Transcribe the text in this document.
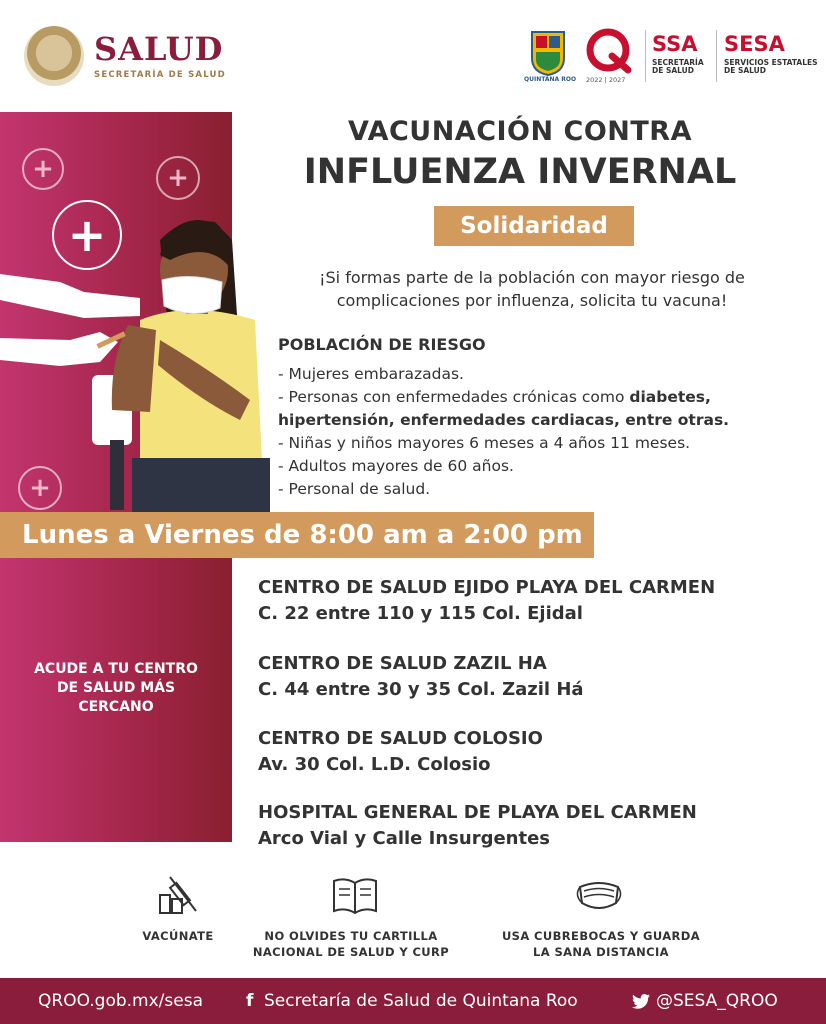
SALUD
SECRETARÍA DE SALUD	QUINTANA ROO 2022 | 2027
SSA
SECRETARÍA
DE SALUD
SESA
SERVICIOS ESTATALES
DE SALUD
+	+
+
+
ACUDE A TU CENTRO
DE SALUD MÁS
CERCANO
VACUNACIÓN CONTRA
INFLUENZA INVERNAL
Solidaridad
¡Si formas parte de la población con mayor riesgo de
complicaciones por influenza, solicita tu vacuna!
POBLACIÓN DE RIESGO
- Mujeres embarazadas.
- Personas con enfermedades crónicas como diabetes,
hipertensión, enfermedades cardiacas, entre otras.
- Niñas y niños mayores 6 meses a 4 años 11 meses.
- Adultos mayores de 60 años.
- Personal de salud.
Lunes a Viernes de 8:00 am a 2:00 pm
CENTRO DE SALUD EJIDO PLAYA DEL CARMEN
C. 22 entre 110 y 115 Col. Ejidal
CENTRO DE SALUD ZAZIL HA
C. 44 entre 30 y 35 Col. Zazil Há
CENTRO DE SALUD COLOSIO
Av. 30 Col. L.D. Colosio
HOSPITAL GENERAL DE PLAYA DEL CARMEN
Arco Vial y Calle Insurgentes
VACÚNATE	NO OLVIDES TU CARTILLA
NACIONAL DE SALUD Y CURP
USA CUBREBOCAS Y GUARDA
LA SANA DISTANCIA
QROO.gob.mx/sesa	f Secretaría de Salud de Quintana Roo	@SESA_QROO
